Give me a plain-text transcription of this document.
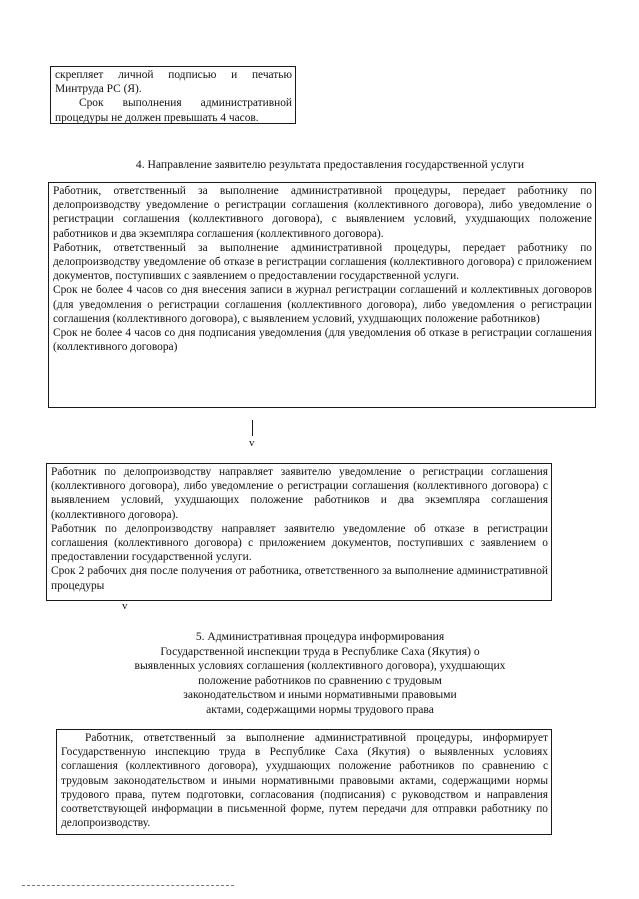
скрепляет личной подписью и печатью Минтруда РС (Я).

Срок выполнения административной процедуры не должен превышать 4 часов.

4. Направление заявителю результата предоставления государственной услуги

Работник, ответственный за выполнение административной процедуры, передает работнику по делопроизводству уведомление о регистрации соглашения (коллективного договора), либо уведомление о регистрации соглашения (коллективного договора), с выявлением условий, ухудшающих положение работников и два экземпляра соглашения (коллективного договора).

Работник, ответственный за выполнение административной процедуры, передает работнику по делопроизводству уведомление об отказе в регистрации соглашения (коллективного договора) с приложением документов, поступивших с заявлением о предоставлении государственной услуги.

Срок не более 4 часов со дня внесения записи в журнал регистрации соглашений и коллективных договоров (для уведомления о регистрации соглашения (коллективного договора), либо уведомления о регистрации соглашения (коллективного договора), с выявлением условий, ухудшающих положение работников)

Срок не более 4 часов со дня подписания уведомления (для уведомления об отказе в регистрации соглашения (коллективного договора)

v

Работник по делопроизводству направляет заявителю уведомление о регистрации соглашения (коллективного договора), либо уведомление о регистрации соглашения (коллективного договора) с выявлением условий, ухудшающих положение работников и два экземпляра соглашения (коллективного договора).

Работник по делопроизводству направляет заявителю уведомление об отказе в регистрации соглашения (коллективного договора) с приложением документов, поступивших с заявлением о предоставлении государственной услуги.

Срок 2 рабочих дня после получения от работника, ответственного за выполнение административной процедуры

v
5. Административная процедура информирования
Государственной инспекции труда в Республике Саха (Якутия) о
выявленных условиях соглашения (коллективного договора), ухудшающих
положение работников по сравнению с трудовым
законодательством и иными нормативными правовыми
актами, содержащими нормы трудового права

Работник, ответственный за выполнение административной процедуры, информирует Государственную инспекцию труда в Республике Саха (Якутия) о выявленных условиях соглашения (коллективного договора), ухудшающих положение работников по сравнению с трудовым законодательством и иными нормативными правовыми актами, содержащими нормы трудового права, путем подготовки, согласования (подписания) с руководством и направления соответствующей информации в письменной форме, путем передачи для отправки работнику по делопроизводству.
